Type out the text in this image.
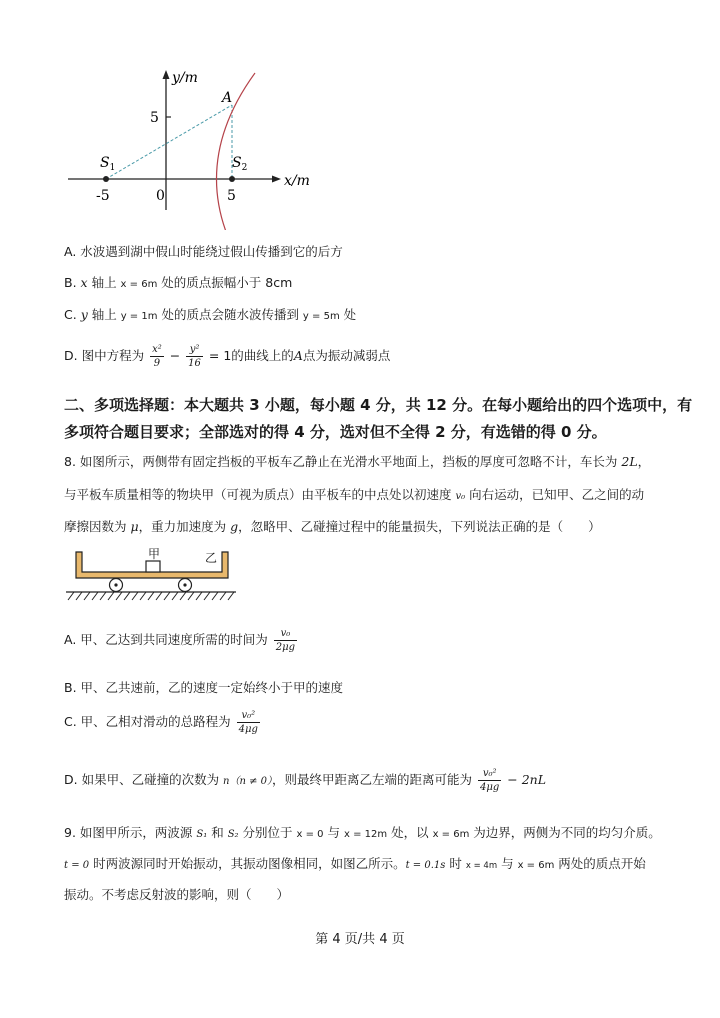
y/m
x/m
A
$S_1$	$S_2$
5
-5	0	5
A. 水波遇到湖中假山时能绕过假山传播到它的后方
B. x 轴上 x = 6m 处的质点振幅小于 8cm
C. y 轴上 y = 1m 处的质点会随水波传播到 y = 5m 处
D. 图中方程为 $\frac{\text{x²}}{9} - \frac{\text{y²}}{16} = 1$的曲线上的A点为振动减弱点
二、多项选择题：本大题共 3 小题，每小题 4 分，共 12 分。在每小题给出的四个选项中，有
多项符合题目要求；全部选对的得 4 分，选对但不全得 2 分，有选错的得 0 分。
8. 如图所示，两侧带有固定挡板的平板车乙静止在光滑水平地面上，挡板的厚度可忽略不计，车长为 2L，
与平板车质量相等的物块甲（可视为质点）由平板车的中点处以初速度 v₀ 向右运动，已知甲、乙之间的动
摩擦因数为 μ，重力加速度为 g，忽略甲、乙碰撞过程中的能量损失，下列说法正确的是（　　）
甲	乙
A. 甲、乙达到共同速度所需的时间为 $\frac{\text{v₀}}{2\mu g}$
B. 甲、乙共速前，乙的速度一定始终小于甲的速度
C. 甲、乙相对滑动的总路程为 $\frac{\text{v₀²}}{4\mu g}$
D. 如果甲、乙碰撞的次数为 n（n ≠ 0），则最终甲距离乙左端的距离可能为 $\frac{\text{v₀²}}{4\mu g} - 2nL$
9. 如图甲所示，两波源 S₁ 和 S₂ 分别位于 x = 0 与 x = 12m 处，以 x = 6m 为边界，两侧为不同的均匀介质。
t = 0 时两波源同时开始振动，其振动图像相同，如图乙所示。t = 0.1s 时 x = 4m 与 x = 6m 两处的质点开始
振动。不考虑反射波的影响，则（　　）
第 4 页/共 4 页
